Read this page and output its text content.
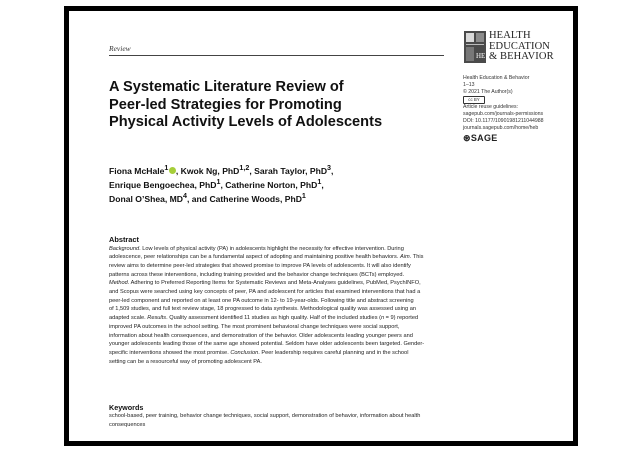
Review
HE
HEALTH
EDUCATION
& BEHAVIOR
Health Education & Behavior
1–13
© 2021 The Author(s)
cc BY
Article reuse guidelines:
sagepub.com/journals-permissions
DOI: 10.1177/10901981211044988
journals.sagepub.com/home/heb
⊛SAGE
A Systematic Literature Review of
Peer-led Strategies for Promoting
Physical Activity Levels of Adolescents
Fiona McHale$^1$ , Kwok Ng, PhD$^{1,2}$, Sarah Taylor, PhD$^3$,
Enrique Bengoechea, PhD$^1$, Catherine Norton, PhD$^1$,
Donal O’Shea, $MD^4$, and Catherine Woods, PhD$^1$
Abstract
Background. Low levels of physical activity (PA) in adolescents highlight the necessity for effective intervention. During
adolescence, peer relationships can be a fundamental aspect of adopting and maintaining positive health behaviors. Aim. This
review aims to determine peer-led strategies that showed promise to improve PA levels of adolescents. It will also identify
patterns across these interventions, including training provided and the behavior change techniques (BCTs) employed.
Method. Adhering to Preferred Reporting Items for Systematic Reviews and Meta-Analyses guidelines, PubMed, PsychINFO,
and Scopus were searched using key concepts of peer, PA and adolescent for articles that examined interventions that had a
peer-led component and reported on at least one PA outcome in 12- to 19-year-olds. Following title and abstract screening
of 1,509 studies, and full text review stage, 18 progressed to data synthesis. Methodological quality was assessed using an
adapted scale. Results. Quality assessment identified 11 studies as high quality. Half of the included studies (n = 9) reported
improved PA outcomes in the school setting. The most prominent behavioral change techniques were social support,
information about health consequences, and demonstration of the behavior. Older adolescents leading younger peers and
younger adolescents leading those of the same age showed potential. Seldom have older adolescents been targeted. Gender-
specific interventions showed the most promise. Conclusion. Peer leadership requires careful planning and in the school
setting can be a resourceful way of promoting adolescent PA.
Keywords
school-based, peer training, behavior change techniques, social support, demonstration of behavior, information about health
consequences
